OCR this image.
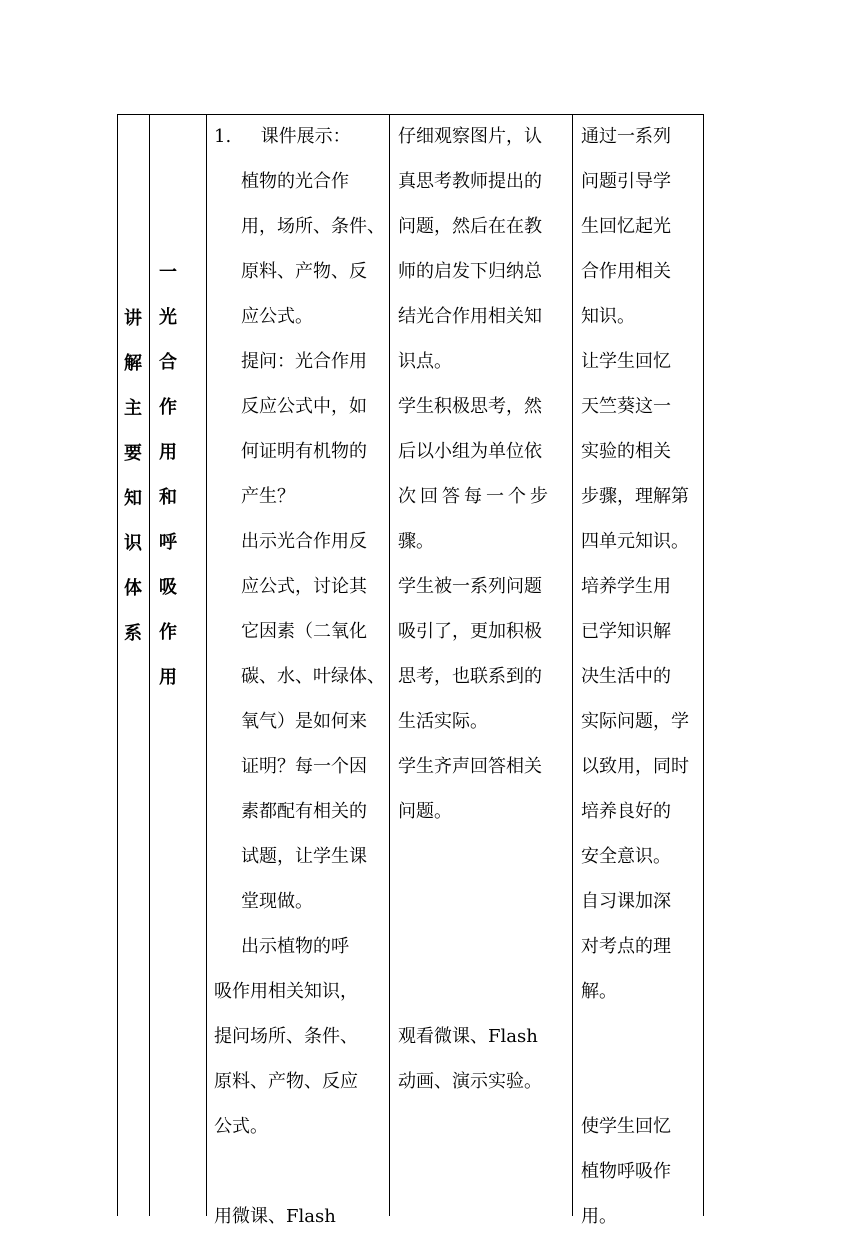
讲
解
主
要
知
识
体
系
一
光
合
作
用
和
呼
吸
作
用
1. 　 课件展示：
植物的光合作
用，场所、条件、
原料、产物、反
应公式。
提问：光合作用
反应公式中，如
何证明有机物的
产生？
出示光合作用反
应公式，讨论其
它因素（二氧化
碳、水、叶绿体、
氧气）是如何来
证明？每一个因
素都配有相关的
试题，让学生课
堂现做。
出示植物的呼
吸作用相关知识，
提问场所、条件、
原料、产物、反应
公式。
用微课、Flash
仔细观察图片，认
真思考教师提出的
问题，然后在在教
师的启发下归纳总
结光合作用相关知
识点。
学生积极思考，然
后以小组为单位依
次回答每一个步
骤。
学生被一系列问题
吸引了，更加积极
思考，也联系到的
生活实际。
学生齐声回答相关
问题。
观看微课、Flash
动画、演示实验。
通过一系列
问题引导学
生回忆起光
合作用相关
知识。
让学生回忆
天竺葵这一
实验的相关
步骤，理解第
四单元知识。
培养学生用
已学知识解
决生活中的
实际问题，学
以致用，同时
培养良好的
安全意识。
自习课加深
对考点的理
解。
使学生回忆
植物呼吸作
用。
